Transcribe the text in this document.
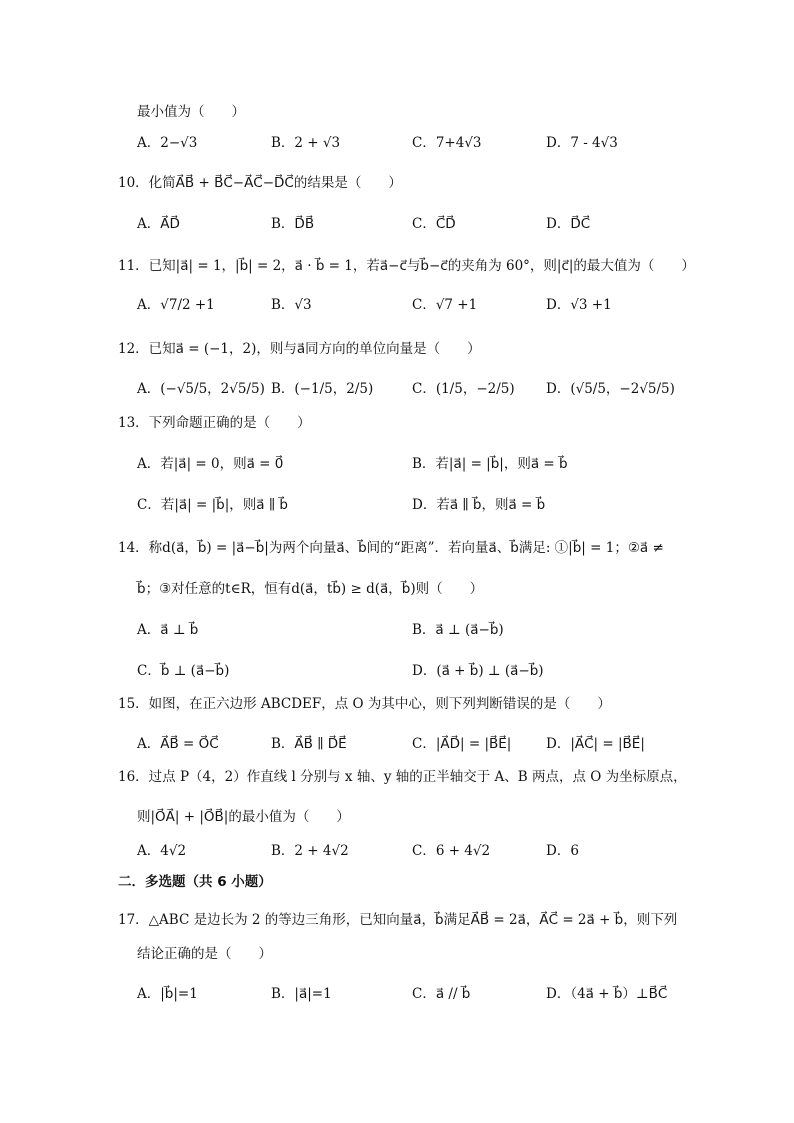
最小值为（　　）
A．2−√3	B．2 + √3	C．7+4√3	D．7 - 4√3
10．化简A⃗B⃗ + B⃗C⃗−A⃗C⃗−D⃗C⃗的结果是（　　）
A．A⃗D⃗	B．D⃗B⃗	C．C⃗D⃗	D．D⃗C⃗
11．已知|a⃗| = 1，|b⃗| = 2，a⃗ · b⃗ = 1，若a⃗−c⃗与b⃗−c⃗的夹角为 60°，则|c⃗|的最大值为（　　）
A．√7/2 +1	B．√3	C．√7 +1	D．√3 +1
12．已知a⃗ = (−1，2)，则与a⃗同方向的单位向量是（　　）
A．(−√5/5，2√5/5) B．(−1/5，2/5)	C．(1/5，−2/5) D．(√5/5，−2√5/5)
13．下列命题正确的是（　　）
A．若|a⃗| = 0，则a⃗ = 0⃗	B．若|a⃗| = |b⃗|，则a⃗ = b⃗
C．若|a⃗| = |b⃗|，则a⃗ ∥ b⃗	D．若a⃗ ∥ b⃗，则a⃗ = b⃗
14．称d(a⃗，b⃗) = |a⃗−b⃗|为两个向量a⃗、b⃗间的“距离”．若向量a⃗、b⃗满足: ①|b⃗| = 1；②a⃗ ≠
b⃗；③对任意的t∈R，恒有d(a⃗，tb⃗) ≥ d(a⃗，b⃗)则（　　）
A．a⃗ ⊥ b⃗	B．a⃗ ⊥ (a⃗−b⃗)
C．b⃗ ⊥ (a⃗−b⃗)	D．(a⃗ + b⃗) ⊥ (a⃗−b⃗)
15．如图，在正六边形 ABCDEF，点 O 为其中心，则下列判断错误的是（　　）
A．A⃗B⃗ = O⃗C⃗	B．A⃗B⃗ ∥ D⃗E⃗	C．|A⃗D⃗| = |B⃗E⃗|	D．|A⃗C⃗| = |B⃗E⃗|
16．过点 P（4，2）作直线 l 分别与 x 轴、y 轴的正半轴交于 A、B 两点，点 O 为坐标原点，
则|O⃗A⃗| + |O⃗B⃗|的最小值为（　　）
A．4√2	B．2 + 4√2	C．6 + 4√2	D．6
二．多选题（共 6 小题）
17．△ABC 是边长为 2 的等边三角形，已知向量a⃗，b⃗满足A⃗B⃗ = 2a⃗，A⃗C⃗ = 2a⃗ + b⃗，则下列
结论正确的是（　　）
A．|b⃗|=1	B．|a⃗|=1	C．a⃗ // b⃗	D．（4a⃗ + b⃗）⊥B⃗C⃗
